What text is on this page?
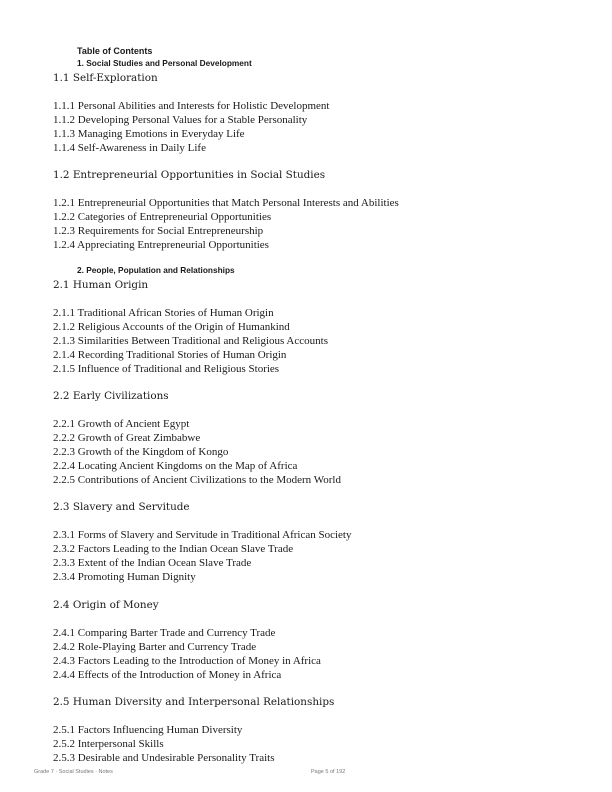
Table of Contents
1. Social Studies and Personal Development
1.1 Self-Exploration
1.1.1 Personal Abilities and Interests for Holistic Development
1.1.2 Developing Personal Values for a Stable Personality
1.1.3 Managing Emotions in Everyday Life
1.1.4 Self-Awareness in Daily Life
1.2 Entrepreneurial Opportunities in Social Studies
1.2.1 Entrepreneurial Opportunities that Match Personal Interests and Abilities
1.2.2 Categories of Entrepreneurial Opportunities
1.2.3 Requirements for Social Entrepreneurship
1.2.4 Appreciating Entrepreneurial Opportunities
2. People, Population and Relationships
2.1 Human Origin
2.1.1 Traditional African Stories of Human Origin
2.1.2 Religious Accounts of the Origin of Humankind
2.1.3 Similarities Between Traditional and Religious Accounts
2.1.4 Recording Traditional Stories of Human Origin
2.1.5 Influence of Traditional and Religious Stories
2.2 Early Civilizations
2.2.1 Growth of Ancient Egypt
2.2.2 Growth of Great Zimbabwe
2.2.3 Growth of the Kingdom of Kongo
2.2.4 Locating Ancient Kingdoms on the Map of Africa
2.2.5 Contributions of Ancient Civilizations to the Modern World
2.3 Slavery and Servitude
2.3.1 Forms of Slavery and Servitude in Traditional African Society
2.3.2 Factors Leading to the Indian Ocean Slave Trade
2.3.3 Extent of the Indian Ocean Slave Trade
2.3.4 Promoting Human Dignity
2.4 Origin of Money
2.4.1 Comparing Barter Trade and Currency Trade
2.4.2 Role-Playing Barter and Currency Trade
2.4.3 Factors Leading to the Introduction of Money in Africa
2.4.4 Effects of the Introduction of Money in Africa
2.5 Human Diversity and Interpersonal Relationships
2.5.1 Factors Influencing Human Diversity
2.5.2 Interpersonal Skills
2.5.3 Desirable and Undesirable Personality Traits
Grade 7 · Social Studies · Notes	Page 5 of 192
